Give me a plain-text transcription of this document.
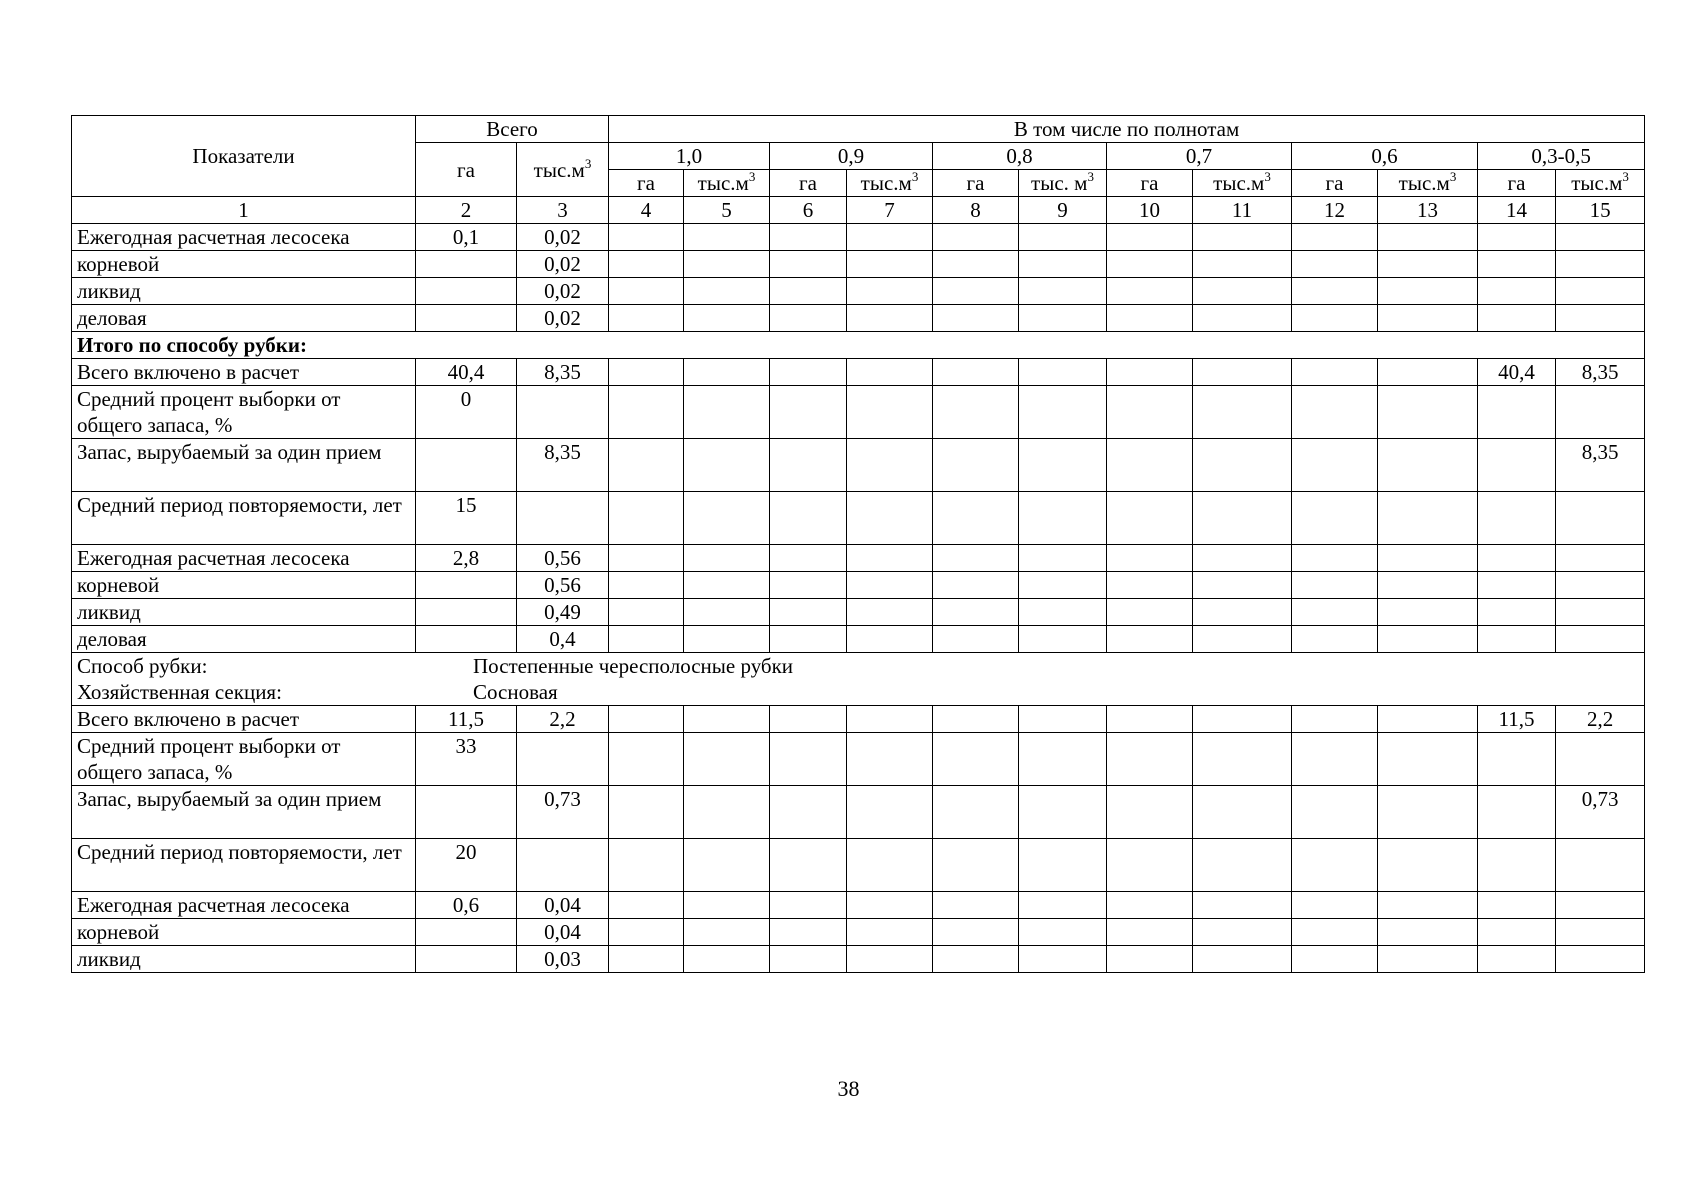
Показатели	Всего		В том числе по полнотам											
	га	$тыс.м^3$	1,0		0,9		0,8		0,7		0,6		0,3-0,5	
			га	$тыс.м^3$	га	$тыс.м^3$	га	тыс. $м^3$	га	$тыс.м^3$	га	$тыс.м^3$	га	$тыс.м^3$
1	2	3	4	5	6	7	8	9	10	11	12	13	14	15
Ежегодная расчетная лесосека	0,1	0,02												
корневой		0,02												
ликвид		0,02												
деловая		0,02												
Итого по способу рубки:														
Всего включено в расчет	40,4	8,35											40,4	8,35
Средний процент выборки от общего запаса, %	0													
Запас, вырубаемый за один прием		8,35												8,35
Средний период повторяемости, лет	15													
Ежегодная расчетная лесосека	2,8	0,56												
корневой		0,56												
ликвид		0,49												
деловая		0,4												

Способ рубки: Постепенные чересполосные рубки
Хозяйственная секция: Сосновая														

Всего включено в расчет	11,5	2,2											11,5	2,2
Средний процент выборки от общего запаса, %	33													
Запас, вырубаемый за один прием		0,73												0,73
Средний период повторяемости, лет	20													
Ежегодная расчетная лесосека	0,6	0,04												
корневой		0,04												
ликвид		0,03												
38
